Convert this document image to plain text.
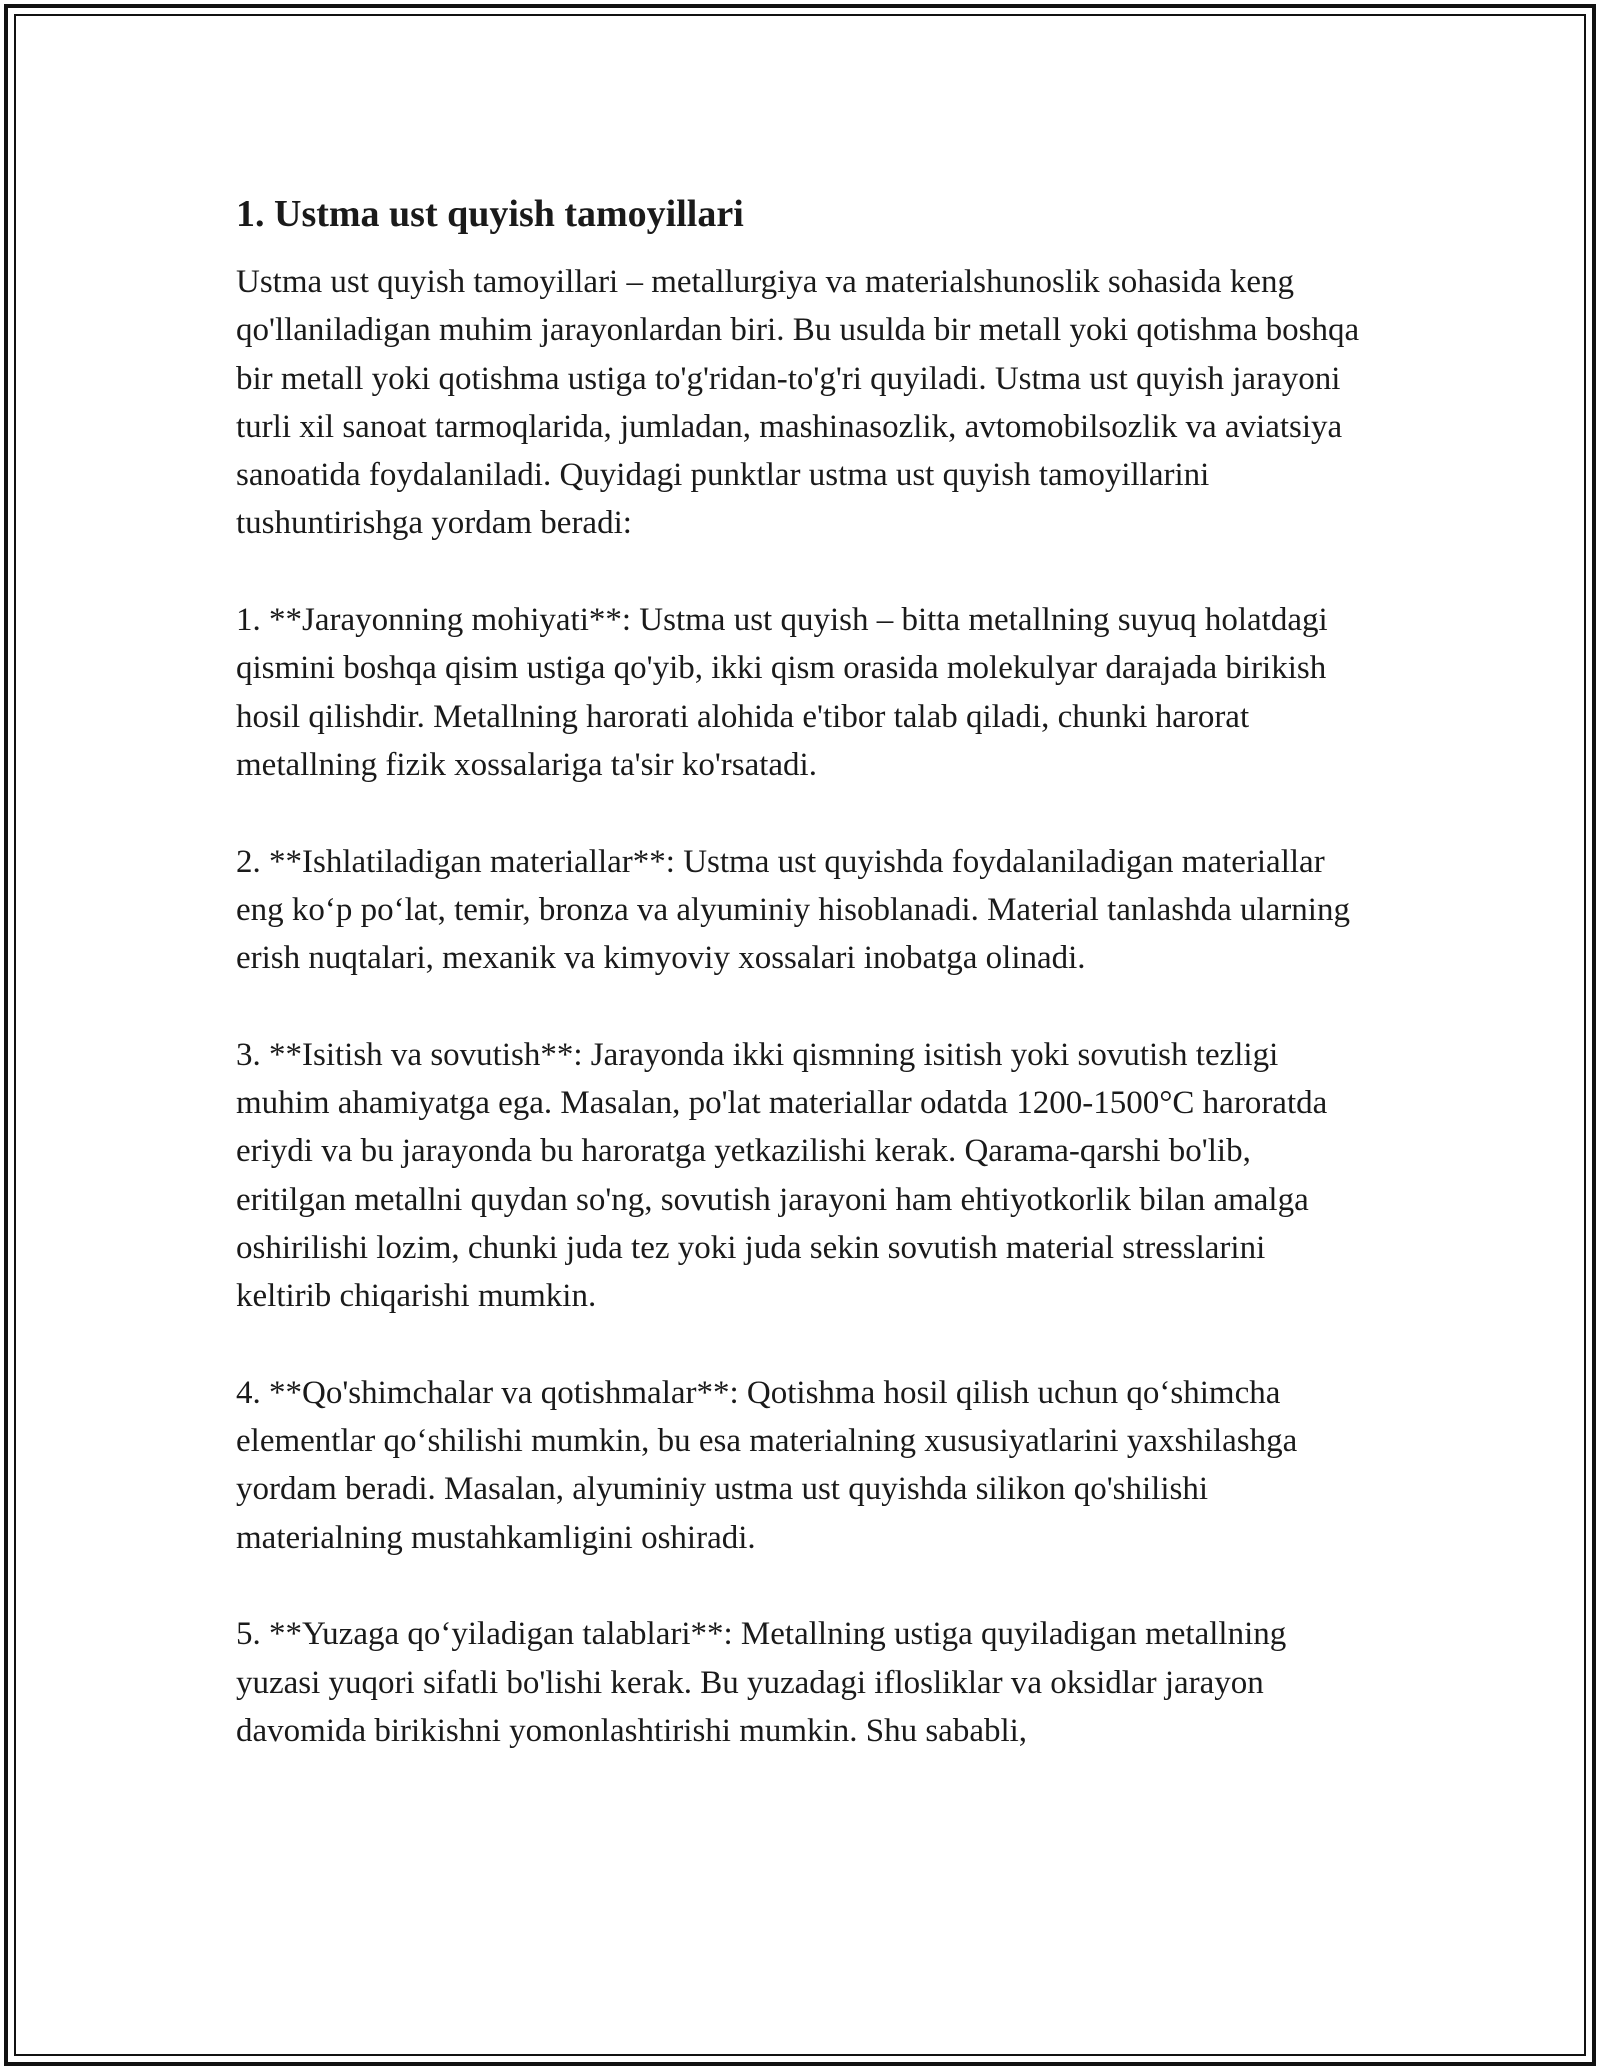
1. Ustma ust quyish tamoyillari

Ustma ust quyish tamoyillari – metallurgiya va materialshunoslik sohasida keng qo'llaniladigan muhim jarayonlardan biri. Bu usulda bir metall yoki qotishma boshqa bir metall yoki qotishma ustiga to'g'ridan-to'g'ri quyiladi. Ustma ust quyish jarayoni turli xil sanoat tarmoqlarida, jumladan, mashinasozlik, avtomobilsozlik va aviatsiya sanoatida foydalaniladi. Quyidagi punktlar ustma ust quyish tamoyillarini tushuntirishga yordam beradi:

1. **Jarayonning mohiyati**: Ustma ust quyish – bitta metallning suyuq holatdagi qismini boshqa qisim ustiga qo'yib, ikki qism orasida molekulyar darajada birikish hosil qilishdir. Metallning harorati alohida e'tibor talab qiladi, chunki harorat metallning fizik xossalariga ta'sir ko'rsatadi.

2. **Ishlatiladigan materiallar**: Ustma ust quyishda foydalaniladigan materiallar eng ko‘p po‘lat, temir, bronza va alyuminiy hisoblanadi. Material tanlashda ularning erish nuqtalari, mexanik va kimyoviy xossalari inobatga olinadi.

3. **Isitish va sovutish**: Jarayonda ikki qismning isitish yoki sovutish tezligi muhim ahamiyatga ega. Masalan, po'lat materiallar odatda 1200-1500°C haroratda eriydi va bu jarayonda bu haroratga yetkazilishi kerak. Qarama-qarshi bo'lib, eritilgan metallni quydan so'ng, sovutish jarayoni ham ehtiyotkorlik bilan amalga oshirilishi lozim, chunki juda tez yoki juda sekin sovutish material stresslarini keltirib chiqarishi mumkin.

4. **Qo'shimchalar va qotishmalar**: Qotishma hosil qilish uchun qo‘shimcha elementlar qo‘shilishi mumkin, bu esa materialning xususiyatlarini yaxshilashga yordam beradi. Masalan, alyuminiy ustma ust quyishda silikon qo'shilishi materialning mustahkamligini oshiradi.

5. **Yuzaga qo‘yiladigan talablari**: Metallning ustiga quyiladigan metallning yuzasi yuqori sifatli bo'lishi kerak. Bu yuzadagi iflosliklar va oksidlar jarayon davomida birikishni yomonlashtirishi mumkin. Shu sababli,
